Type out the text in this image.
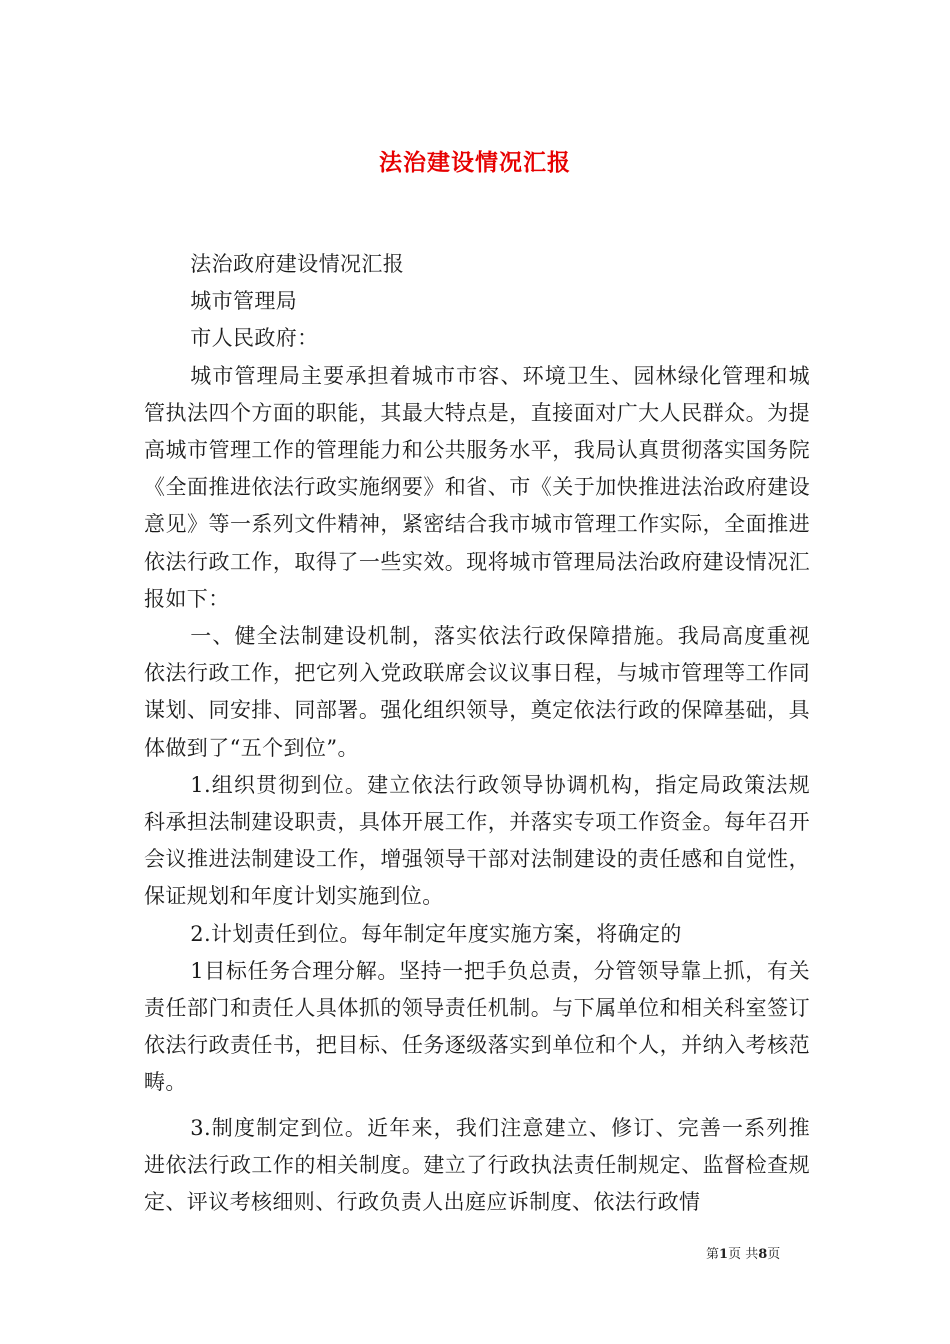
法治建设情况汇报

法治政府建设情况汇报

城市管理局

市人民政府：

城市管理局主要承担着城市市容、环境卫生、园林绿化管理和城管执法四个方面的职能，其最大特点是，直接面对广大人民群众。为提高城市管理工作的管理能力和公共服务水平，我局认真贯彻落实国务院《全面推进依法行政实施纲要》和省、市《关于加快推进法治政府建设意见》等一系列文件精神，紧密结合我市城市管理工作实际，全面推进依法行政工作，取得了一些实效。现将城市管理局法治政府建设情况汇报如下：

一、健全法制建设机制，落实依法行政保障措施。我局高度重视依法行政工作，把它列入党政联席会议议事日程，与城市管理等工作同谋划、同安排、同部署。强化组织领导，奠定依法行政的保障基础，具体做到了“五个到位”。

1.组织贯彻到位。建立依法行政领导协调机构，指定局政策法规科承担法制建设职责，具体开展工作，并落实专项工作资金。每年召开会议推进法制建设工作，增强领导干部对法制建设的责任感和自觉性，保证规划和年度计划实施到位。

2.计划责任到位。每年制定年度实施方案，将确定的

1目标任务合理分解。坚持一把手负总责，分管领导靠上抓，有关责任部门和责任人具体抓的领导责任机制。与下属单位和相关科室签订依法行政责任书，把目标、任务逐级落实到单位和个人，并纳入考核范畴。

3.制度制定到位。近年来，我们注意建立、修订、完善一系列推进依法行政工作的相关制度。建立了行政执法责任制规定、监督检查规定、评议考核细则、行政负责人出庭应诉制度、依法行政情

第1页 共8页
